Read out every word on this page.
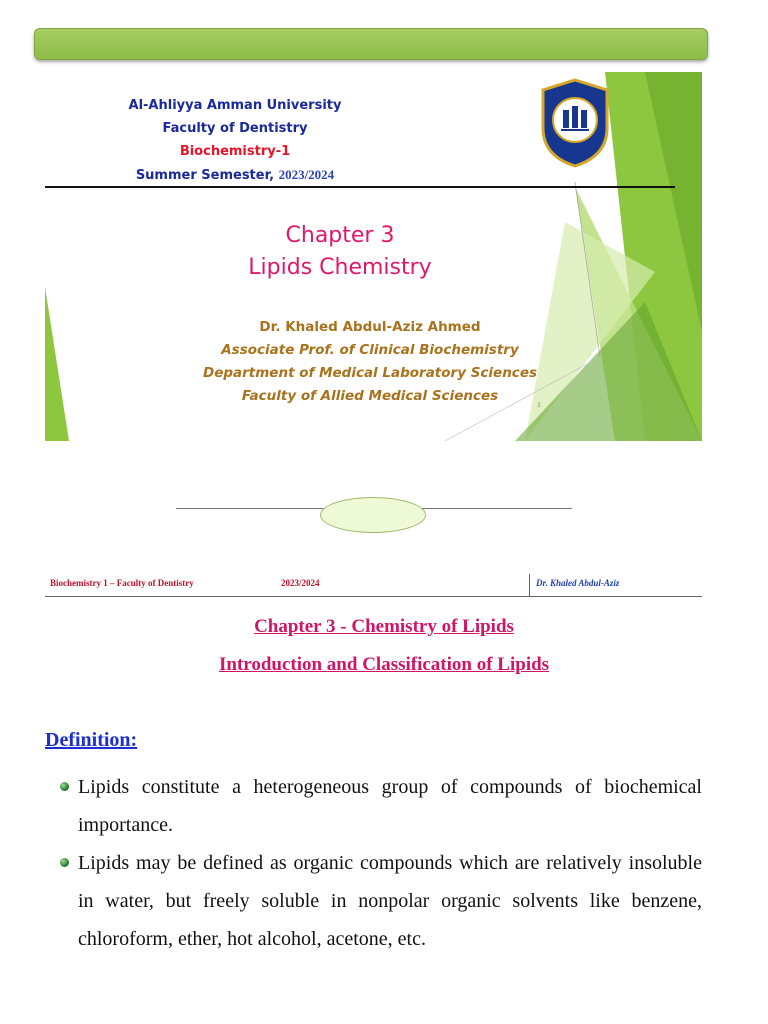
Al-Ahliyya Amman University
Faculty of Dentistry
Biochemistry-1
Summer Semester, 2023/2024
Chapter 3
Lipids Chemistry
Dr. Khaled Abdul-Aziz Ahmed
Associate Prof. of Clinical Biochemistry
Department of Medical Laboratory Sciences
Faculty of Allied Medical Sciences
3
Biochemistry 1 – Faculty of Dentistry	2023/2024	Dr. Khaled Abdul-Aziz
Chapter 3 - Chemistry of Lipids
Introduction and Classification of Lipids
Definition:
Lipids constitute a heterogeneous group of compounds of biochemical importance.
Lipids may be defined as organic compounds which are relatively insoluble in water, but freely soluble in nonpolar organic solvents like benzene, chloroform, ether, hot alcohol, acetone, etc.
